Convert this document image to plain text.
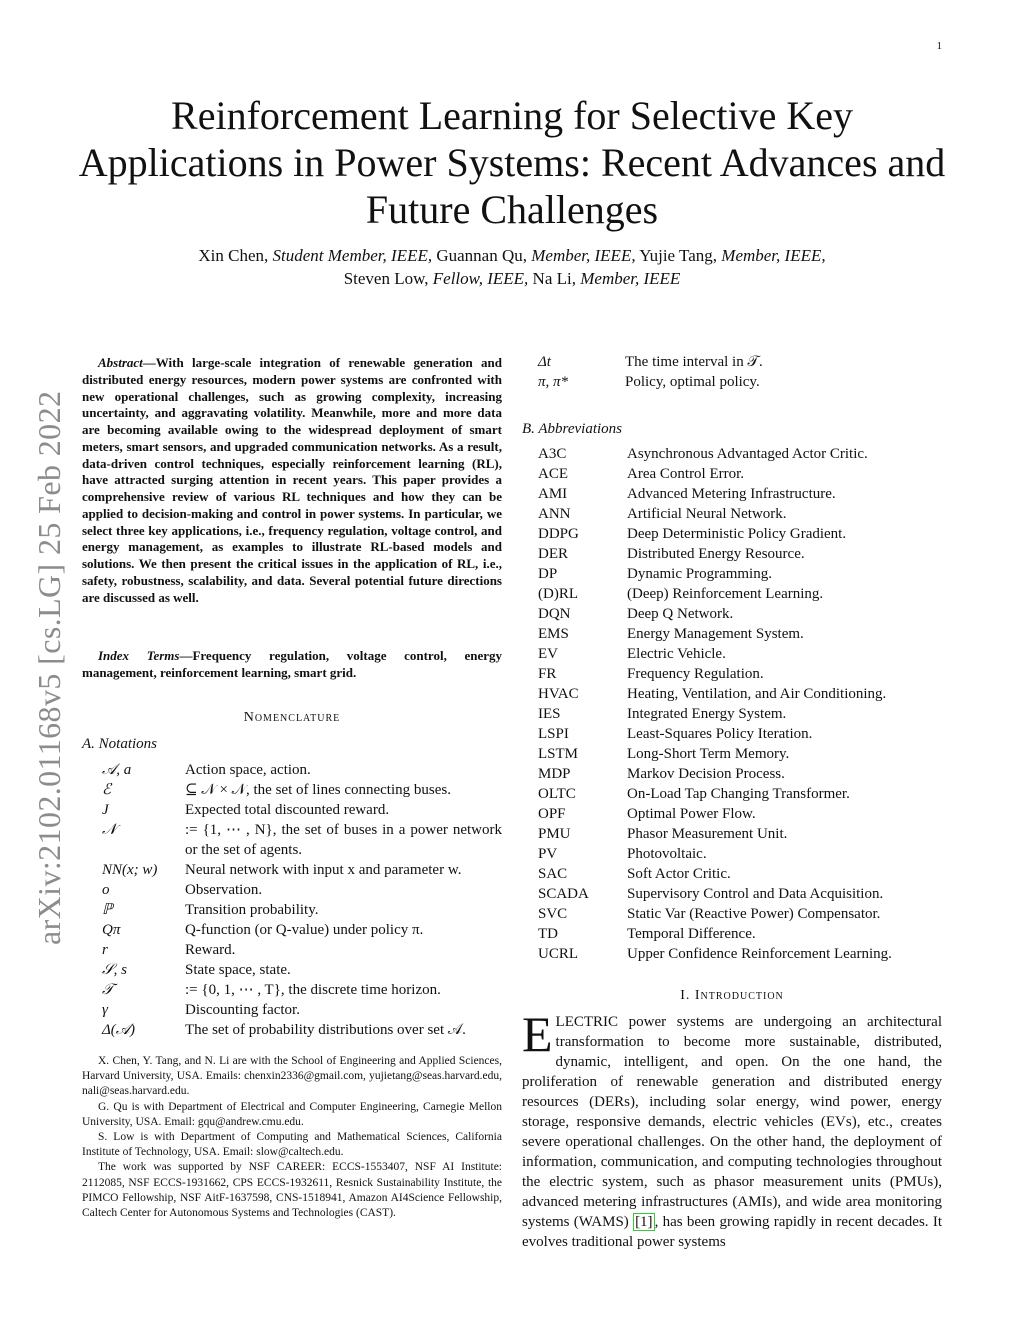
1
arXiv:2102.01168v5 [cs.LG] 25 Feb 2022
Reinforcement Learning for Selective Key Applications in Power Systems: Recent Advances and Future Challenges
Xin Chen, Student Member, IEEE, Guannan Qu, Member, IEEE, Yujie Tang, Member, IEEE,
Steven Low, Fellow, IEEE, Na Li, Member, IEEE

Abstract—With large-scale integration of renewable generation and distributed energy resources, modern power systems are confronted with new operational challenges, such as growing complexity, increasing uncertainty, and aggravating volatility. Meanwhile, more and more data are becoming available owing to the widespread deployment of smart meters, smart sensors, and upgraded communication networks. As a result, data-driven control techniques, especially reinforcement learning (RL), have attracted surging attention in recent years. This paper provides a comprehensive review of various RL techniques and how they can be applied to decision-making and control in power systems. In particular, we select three key applications, i.e., frequency regulation, voltage control, and energy management, as examples to illustrate RL-based models and solutions. We then present the critical issues in the application of RL, i.e., safety, robustness, scalability, and data. Several potential future directions are discussed as well.

Index Terms—Frequency regulation, voltage control, energy management, reinforcement learning, smart grid.

Nomenclature
A. Notations
𝒜, a	Action space, action.
ℰ	⊆ 𝒩 × 𝒩, the set of lines connecting buses.
J	Expected total discounted reward.
𝒩	:= {1, ⋯ , N}, the set of buses in a power network or the set of agents.
NN(x; w)	Neural network with input x and parameter w.
o	Observation.
ℙ	Transition probability.
Qπ	Q-function (or Q-value) under policy π.
r	Reward.
𝒮, s	State space, state.
𝒯	:= {0, 1, ⋯ , T}, the discrete time horizon.
γ	Discounting factor.
Δ(𝒜)	The set of probability distributions over set 𝒜.
Δt	The time interval in 𝒯.
π, π*	Policy, optimal policy.
B. Abbreviations
A3C	Asynchronous Advantaged Actor Critic.
ACE	Area Control Error.
AMI	Advanced Metering Infrastructure.
ANN	Artificial Neural Network.
DDPG	Deep Deterministic Policy Gradient.
DER	Distributed Energy Resource.
DP	Dynamic Programming.
(D)RL	(Deep) Reinforcement Learning.
DQN	Deep Q Network.
EMS	Energy Management System.
EV	Electric Vehicle.
FR	Frequency Regulation.
HVAC	Heating, Ventilation, and Air Conditioning.
IES	Integrated Energy System.
LSPI	Least-Squares Policy Iteration.
LSTM	Long-Short Term Memory.
MDP	Markov Decision Process.
OLTC	On-Load Tap Changing Transformer.
OPF	Optimal Power Flow.
PMU	Phasor Measurement Unit.
PV	Photovoltaic.
SAC	Soft Actor Critic.
SCADA	Supervisory Control and Data Acquisition.
SVC	Static Var (Reactive Power) Compensator.
TD	Temporal Difference.
UCRL	Upper Confidence Reinforcement Learning.

X. Chen, Y. Tang, and N. Li are with the School of Engineering and Applied Sciences, Harvard University, USA. Emails: chenxin2336@gmail.com, yujietang@seas.harvard.edu, nali@seas.harvard.edu.

G. Qu is with Department of Electrical and Computer Engineering, Carnegie Mellon University, USA. Email: gqu@andrew.cmu.edu.

S. Low is with Department of Computing and Mathematical Sciences, California Institute of Technology, USA. Email: slow@caltech.edu.

The work was supported by NSF CAREER: ECCS-1553407, NSF AI Institute: 2112085, NSF ECCS-1931662, CPS ECCS-1932611, Resnick Sustainability Institute, the PIMCO Fellowship, NSF AitF-1637598, CNS-1518941, Amazon AI4Science Fellowship, Caltech Center for Autonomous Systems and Technologies (CAST).

I. Introduction

ELECTRIC power systems are undergoing an architectural transformation to become more sustainable, distributed, dynamic, intelligent, and open. On the one hand, the proliferation of renewable generation and distributed energy resources (DERs), including solar energy, wind power, energy storage, responsive demands, electric vehicles (EVs), etc., creates severe operational challenges. On the other hand, the deployment of information, communication, and computing technologies throughout the electric system, such as phasor measurement units (PMUs), advanced metering infrastructures (AMIs), and wide area monitoring systems (WAMS) [1] , has been growing rapidly in recent decades. It evolves traditional power systems
